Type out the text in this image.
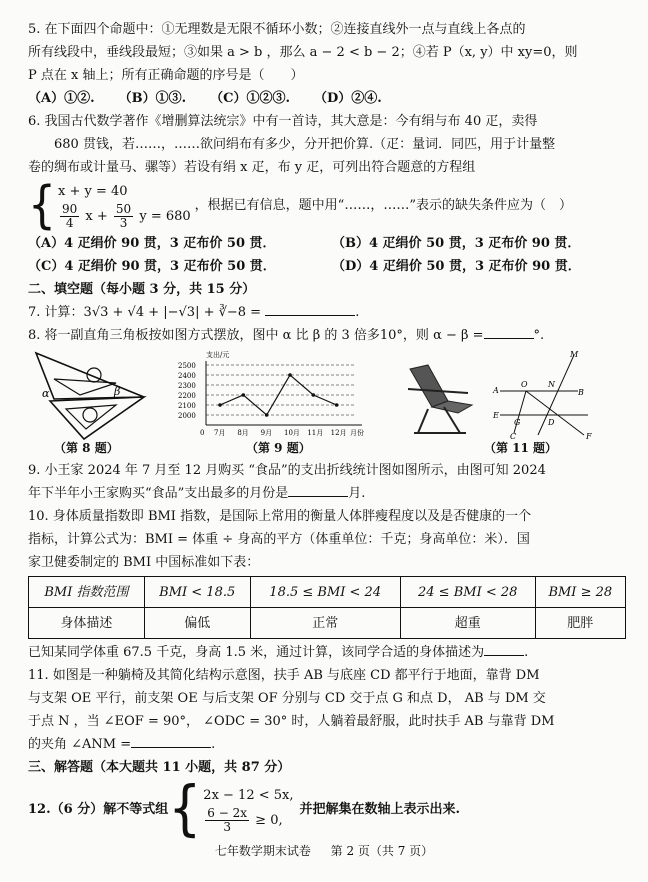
5. 在下面四个命题中：①无理数是无限不循环小数；②连接直线外一点与直线上各点的

所有线段中，垂线段最短；③如果 a > b ，那么 a − 2 < b − 2；④若 P（x, y）中 xy=0，则

P 点在 x 轴上；所有正确命题的序号是（　　）

（A）①②. （B）①③. （C）①②③. （D）②④.

6. 我国古代数学著作《增删算法统宗》中有一首诗，其大意是：今有绢与布 40 疋，卖得

　　680 贯钱，若……，……欲问绢布有多少，分开把价算.（疋：量词．同匹，用于计量整

卷的绸布或计量马、骡等）若设有绢 x 疋，布 y 疋，可列出符合题意的方程组

{ x + y = 40
$\frac{90}{4}$ $x + \frac{50}{3}$ y = 680
，根据已有信息，题中用“……，……”表示的缺失条件应为（　）
（A）4 疋绢价 90 贯，3 疋布价 50 贯．	（B）4 疋绢价 50 贯，3 疋布价 90 贯．
（C）4 疋绢价 90 贯，3 疋布价 50 贯．	（D）4 疋绢价 50 贯，3 疋布价 90 贯．

二、填空题（每小题 3 分，共 15 分）

7. 计算：3√3 + √4 + |−√3| + ∛−8 =	.

8. 将一副直角三角板按如图方式摆放，图中 α 比 β 的 3 倍多10°，则 α − β =	°.

α	β
（第 8 题）
支出/元
2500
2400
2300
2200
2100
2000
0 7月 8月 9月 10月 11月 12月 月份
（第 9 题）
M
A
O	N
B
E
G	D
C	F
（第 11 题）

9. 小王家 2024 年 7 月至 12 月购买 “食品”的支出折线统计图如图所示，由图可知 2024

年下半年小王家购买“食品”支出最多的月份是	月.

10. 身体质量指数即 BMI 指数，是国际上常用的衡量人体胖瘦程度以及是否健康的一个

指标，计算公式为：BMI = 体重 ÷ 身高的平方（体重单位：千克；身高单位：米）．国

家卫健委制定的 BMI 中国标准如下表：

BMI 指数范围	BMI < 18.5	18.5 ≤ BMI < 24	24 ≤ BMI < 28	BMI ≥ 28
身体描述	偏低	正常	超重	肥胖

已知某同学体重 67.5 千克，身高 1.5 米，通过计算，该同学合适的身体描述为	.

11. 如图是一种躺椅及其简化结构示意图，扶手 AB 与底座 CD 都平行于地面，靠背 DM

与支架 OE 平行，前支架 OE 与后支架 OF 分别与 CD 交于点 G 和点 D， AB 与 DM 交

于点 N ，当 ∠EOF = 90°， ∠ODC = 30° 时，人躺着最舒服，此时扶手 AB 与靠背 DM

的夹角 ∠ANM =	.

三、解答题（本大题共 11 小题，共 87 分）

12.（6 分）解不等式组 { 2x − 12 < 5x,
$\frac{6 - 2x}{3} \ge 0$,
并把解集在数轴上表示出来.
七年数学期末试卷 第 2 页（共 7 页）
